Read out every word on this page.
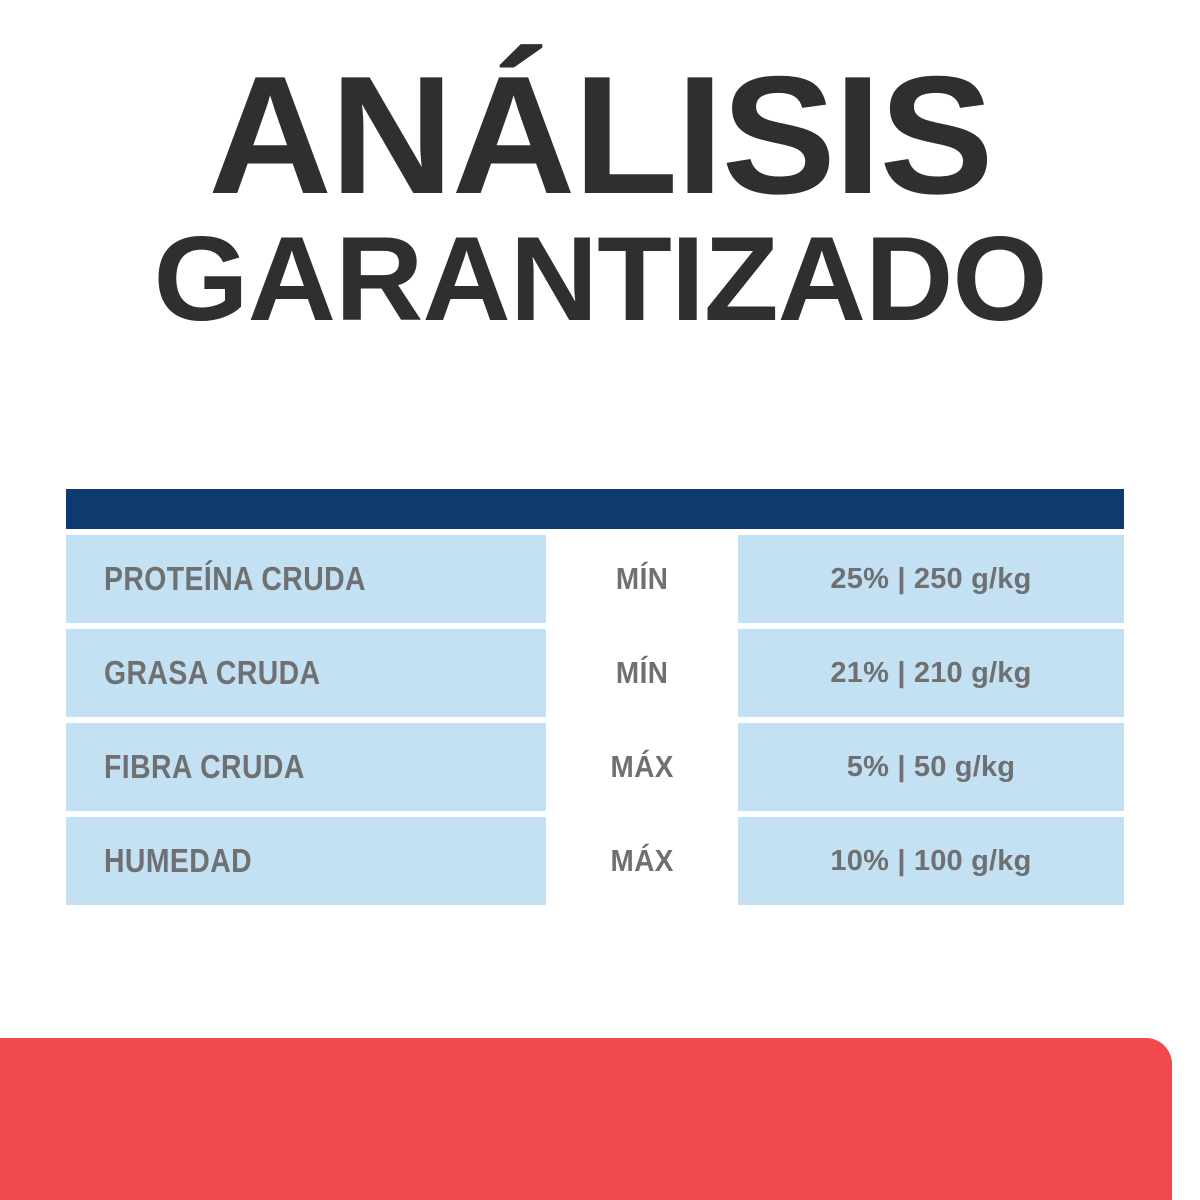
ANÁLISIS
GARANTIZADO
PROTEÍNA CRUDA	MÍN	25% | 250 g/kg
GRASA CRUDA	MÍN	21% | 210 g/kg
FIBRA CRUDA	MÁX	5% | 50 g/kg
HUMEDAD	MÁX	10% | 100 g/kg
